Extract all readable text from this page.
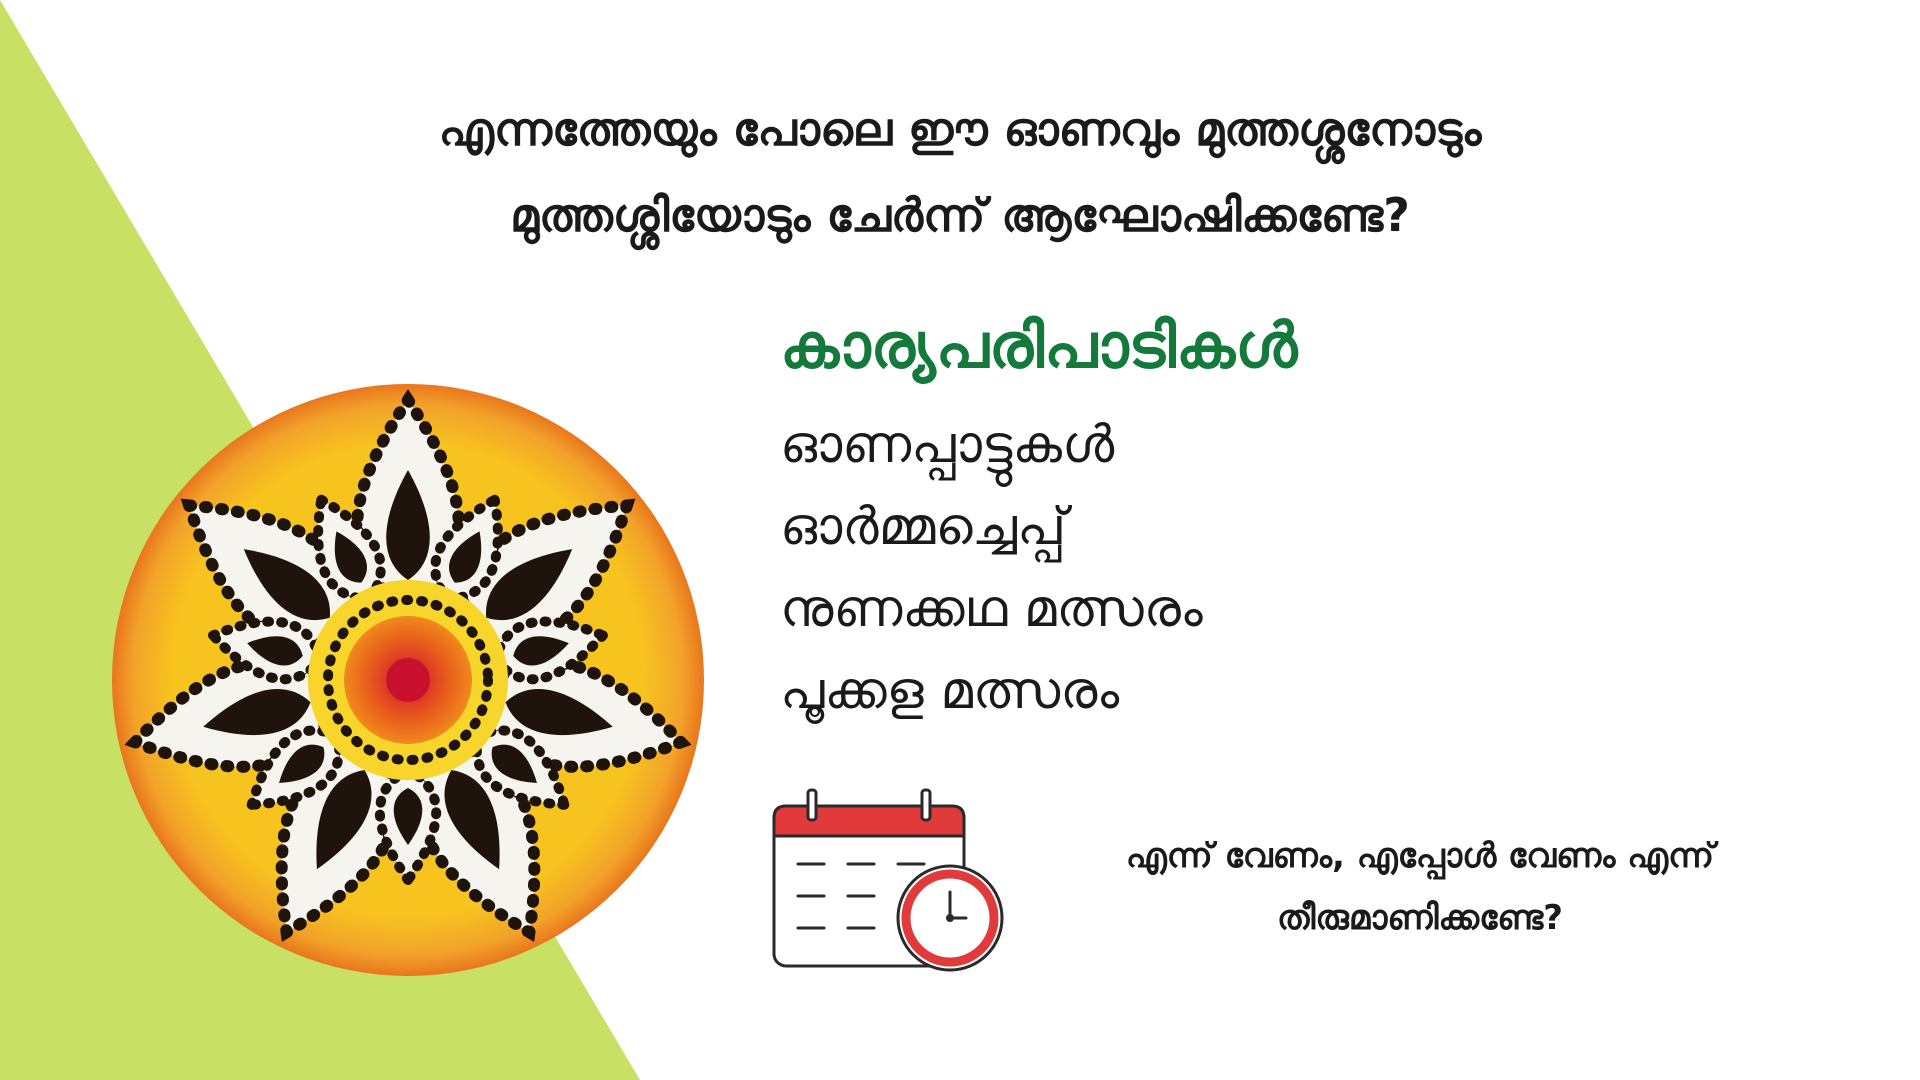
എന്നത്തേയും പോലെ ഈ ഓണവും മുത്തശ്ശനോടും
മുത്തശ്ശിയോടും ചേർന്ന് ആഘോഷിക്കണ്ടേ?
കാര്യപരിപാടികൾ
ഓണപ്പാട്ടുകൾ
ഓർമ്മച്ചെപ്പ്
നുണക്കഥ മത്സരം
പൂക്കള മത്സരം
എന്ന് വേണം, എപ്പോൾ വേണം എന്ന്
തീരുമാണിക്കണ്ടേ?
